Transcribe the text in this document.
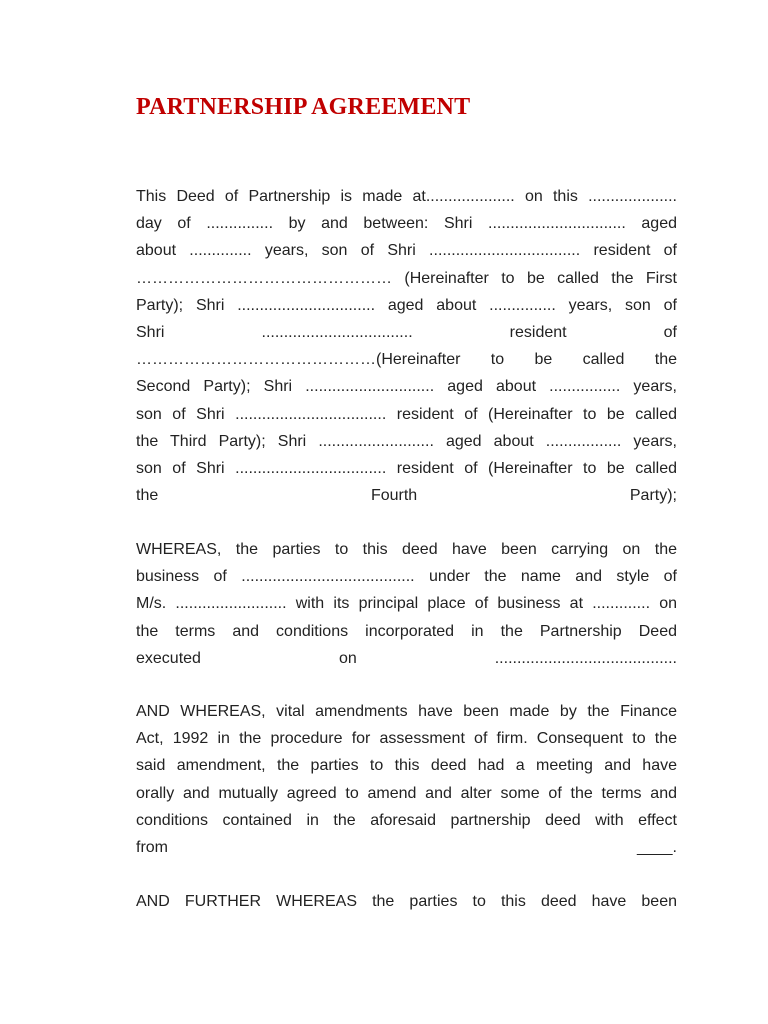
PARTNERSHIP AGREEMENT
This Deed of Partnership is made at.................... on this ....................
day of ............... by and between: Shri ............................... aged
about .............. years, son of Shri .................................. resident of
………………………………………… (Hereinafter to be called the First
Party); Shri ............................... aged about ............... years, son of
Shri .................................. resident of
………………………………………(Hereinafter to be called the
Second Party); Shri ............................. aged about ................ years,
son of Shri .................................. resident of (Hereinafter to be called
the Third Party); Shri .......................... aged about ................. years,
son of Shri .................................. resident of (Hereinafter to be called
the Fourth Party);
WHEREAS, the parties to this deed have been carrying on the
business of ....................................... under the name and style of
M/s. ......................... with its principal place of business at ............. on
the terms and conditions incorporated in the Partnership Deed
executed on .........................................
AND WHEREAS, vital amendments have been made by the Finance
Act, 1992 in the procedure for assessment of firm. Consequent to the
said amendment, the parties to this deed had a meeting and have
orally and mutually agreed to amend and alter some of the terms and
conditions contained in the aforesaid partnership deed with effect
from ____.
AND FURTHER WHEREAS the parties to this deed have been
